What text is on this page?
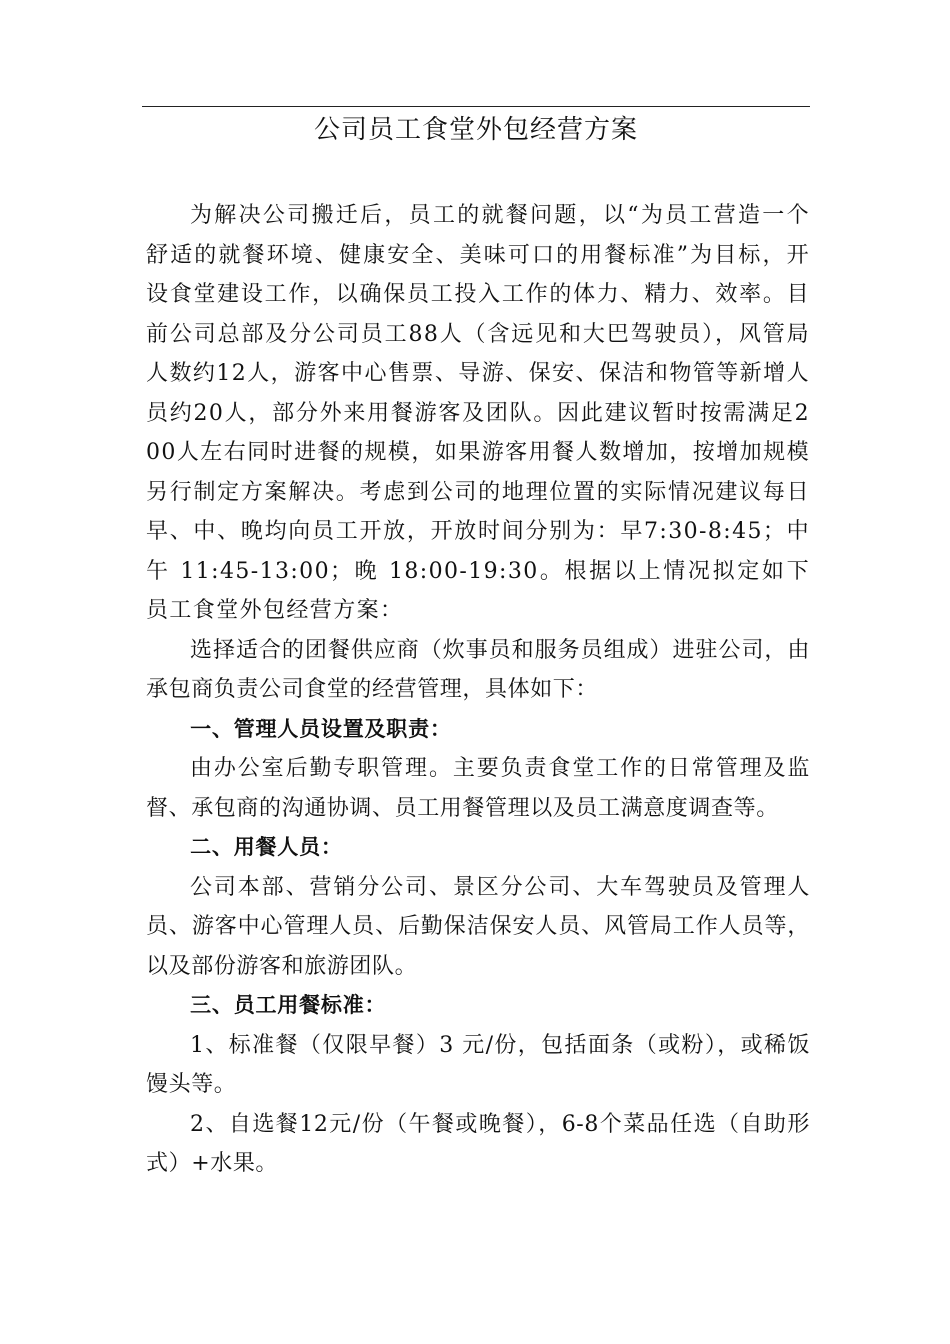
公司员工食堂外包经营方案

为解决公司搬迁后，员工的就餐问题，以“为员工营造一个舒适的就餐环境、健康安全、美味可口的用餐标准”为目标，开设食堂建设工作，以确保员工投入工作的体力、精力、效率。目前公司总部及分公司员工88人（含远见和大巴驾驶员），风管局人数约12人，游客中心售票、导游、保安、保洁和物管等新增人员约20人，部分外来用餐游客及团队。因此建议暂时按需满足200人左右同时进餐的规模，如果游客用餐人数增加，按增加规模另行制定方案解决。考虑到公司的地理位置的实际情况建议每日早、中、晚均向员工开放，开放时间分别为：早7:30-8:45；中午 11:45-13:00；晚 18:00-19:30。根据以上情况拟定如下员工食堂外包经营方案：

选择适合的团餐供应商（炊事员和服务员组成）进驻公司，由承包商负责公司食堂的经营管理，具体如下：

一、管理人员设置及职责：

由办公室后勤专职管理。主要负责食堂工作的日常管理及监督、承包商的沟通协调、员工用餐管理以及员工满意度调查等。

二、用餐人员：

公司本部、营销分公司、景区分公司、大车驾驶员及管理人员、游客中心管理人员、后勤保洁保安人员、风管局工作人员等，以及部份游客和旅游团队。

三、员工用餐标准：

1、标准餐（仅限早餐）3 元/份，包括面条（或粉），或稀饭馒头等。

2、自选餐12元/份（午餐或晚餐），6-8个菜品任选（自助形式）+水果。
